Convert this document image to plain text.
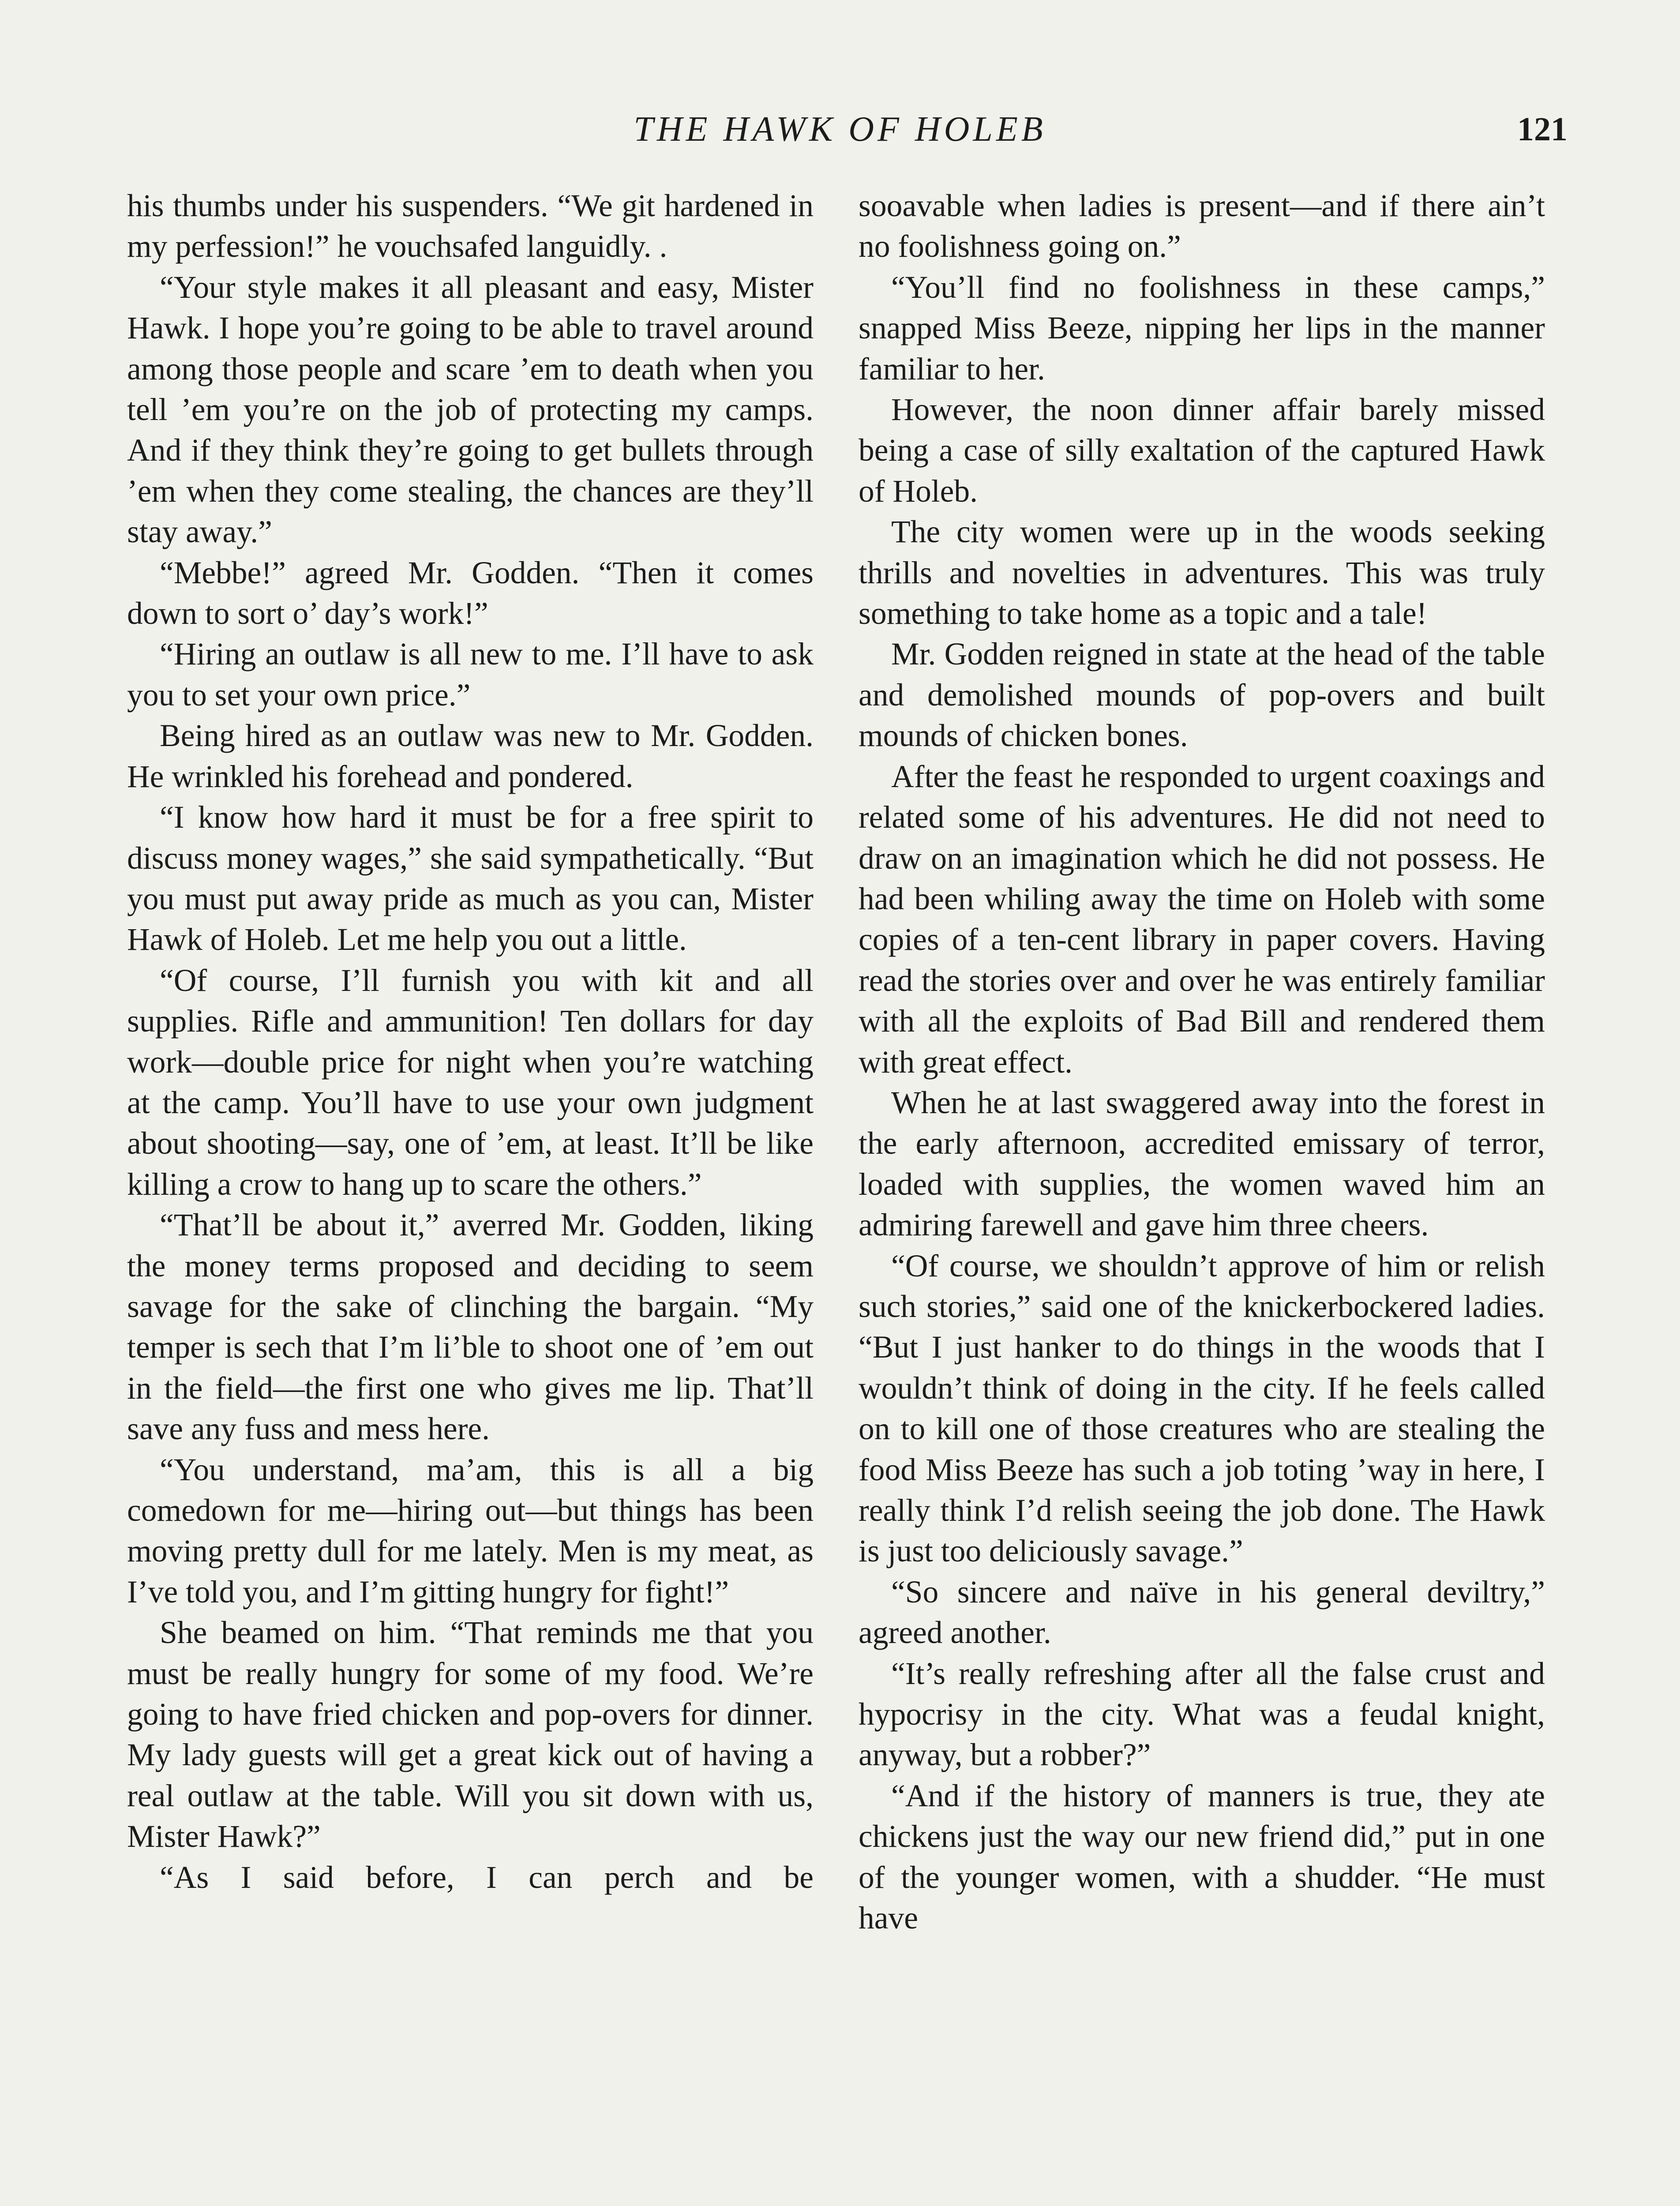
THE HAWK OF HOLEB	121

his thumbs under his suspenders. “We git hardened in my perfession!” he vouchsafed languidly. .

“Your style makes it all pleasant and easy, Mister Hawk. I hope you’re going to be able to travel around among those people and scare ’em to death when you tell ’em you’re on the job of protecting my camps. And if they think they’re going to get bullets through ’em when they come stealing, the chances are they’ll stay away.”

“Mebbe!” agreed Mr. Godden. “Then it comes down to sort o’ day’s work!”

“Hiring an outlaw is all new to me. I’ll have to ask you to set your own price.”

Being hired as an outlaw was new to Mr. Godden. He wrinkled his forehead and pondered.

“I know how hard it must be for a free spirit to discuss money wages,” she said sympathetically. “But you must put away pride as much as you can, Mister Hawk of Holeb. Let me help you out a little.

“Of course, I’ll furnish you with kit and all supplies. Rifle and ammunition! Ten dollars for day work—double price for night when you’re watching at the camp. You’ll have to use your own judgment about shooting—say, one of ’em, at least. It’ll be like killing a crow to hang up to scare the others.”

“That’ll be about it,” averred Mr. Godden, liking the money terms proposed and deciding to seem savage for the sake of clinching the bargain. “My temper is sech that I’m li’ble to shoot one of ’em out in the field—the first one who gives me lip. That’ll save any fuss and mess here.

“You understand, ma’am, this is all a big comedown for me—hiring out—but things has been moving pretty dull for me lately. Men is my meat, as I’ve told you, and I’m gitting hungry for fight!”

She beamed on him. “That reminds me that you must be really hungry for some of my food. We’re going to have fried chicken and pop-overs for dinner. My lady guests will get a great kick out of having a real outlaw at the table. Will you sit down with us, Mister Hawk?”

“As I said before, I can perch and be

sooavable when ladies is present—and if there ain’t no foolishness going on.”

“You’ll find no foolishness in these camps,” snapped Miss Beeze, nipping her lips in the manner familiar to her.

However, the noon dinner affair barely missed being a case of silly exaltation of the captured Hawk of Holeb.

The city women were up in the woods seeking thrills and novelties in adventures. This was truly something to take home as a topic and a tale!

Mr. Godden reigned in state at the head of the table and demolished mounds of pop-overs and built mounds of chicken bones.

After the feast he responded to urgent coaxings and related some of his adventures. He did not need to draw on an imagination which he did not possess. He had been whiling away the time on Holeb with some copies of a ten-cent library in paper covers. Having read the stories over and over he was entirely familiar with all the exploits of Bad Bill and rendered them with great effect.

When he at last swaggered away into the forest in the early afternoon, accredited emissary of terror, loaded with supplies, the women waved him an admiring farewell and gave him three cheers.

“Of course, we shouldn’t approve of him or relish such stories,” said one of the knickerbockered ladies. “But I just hanker to do things in the woods that I wouldn’t think of doing in the city. If he feels called on to kill one of those creatures who are stealing the food Miss Beeze has such a job toting ’way in here, I really think I’d relish seeing the job done. The Hawk is just too deliciously savage.”

“So sincere and naïve in his general deviltry,” agreed another.

“It’s really refreshing after all the false crust and hypocrisy in the city. What was a feudal knight, anyway, but a robber?”

“And if the history of manners is true, they ate chickens just the way our new friend did,” put in one of the younger women, with a shudder. “He must have
